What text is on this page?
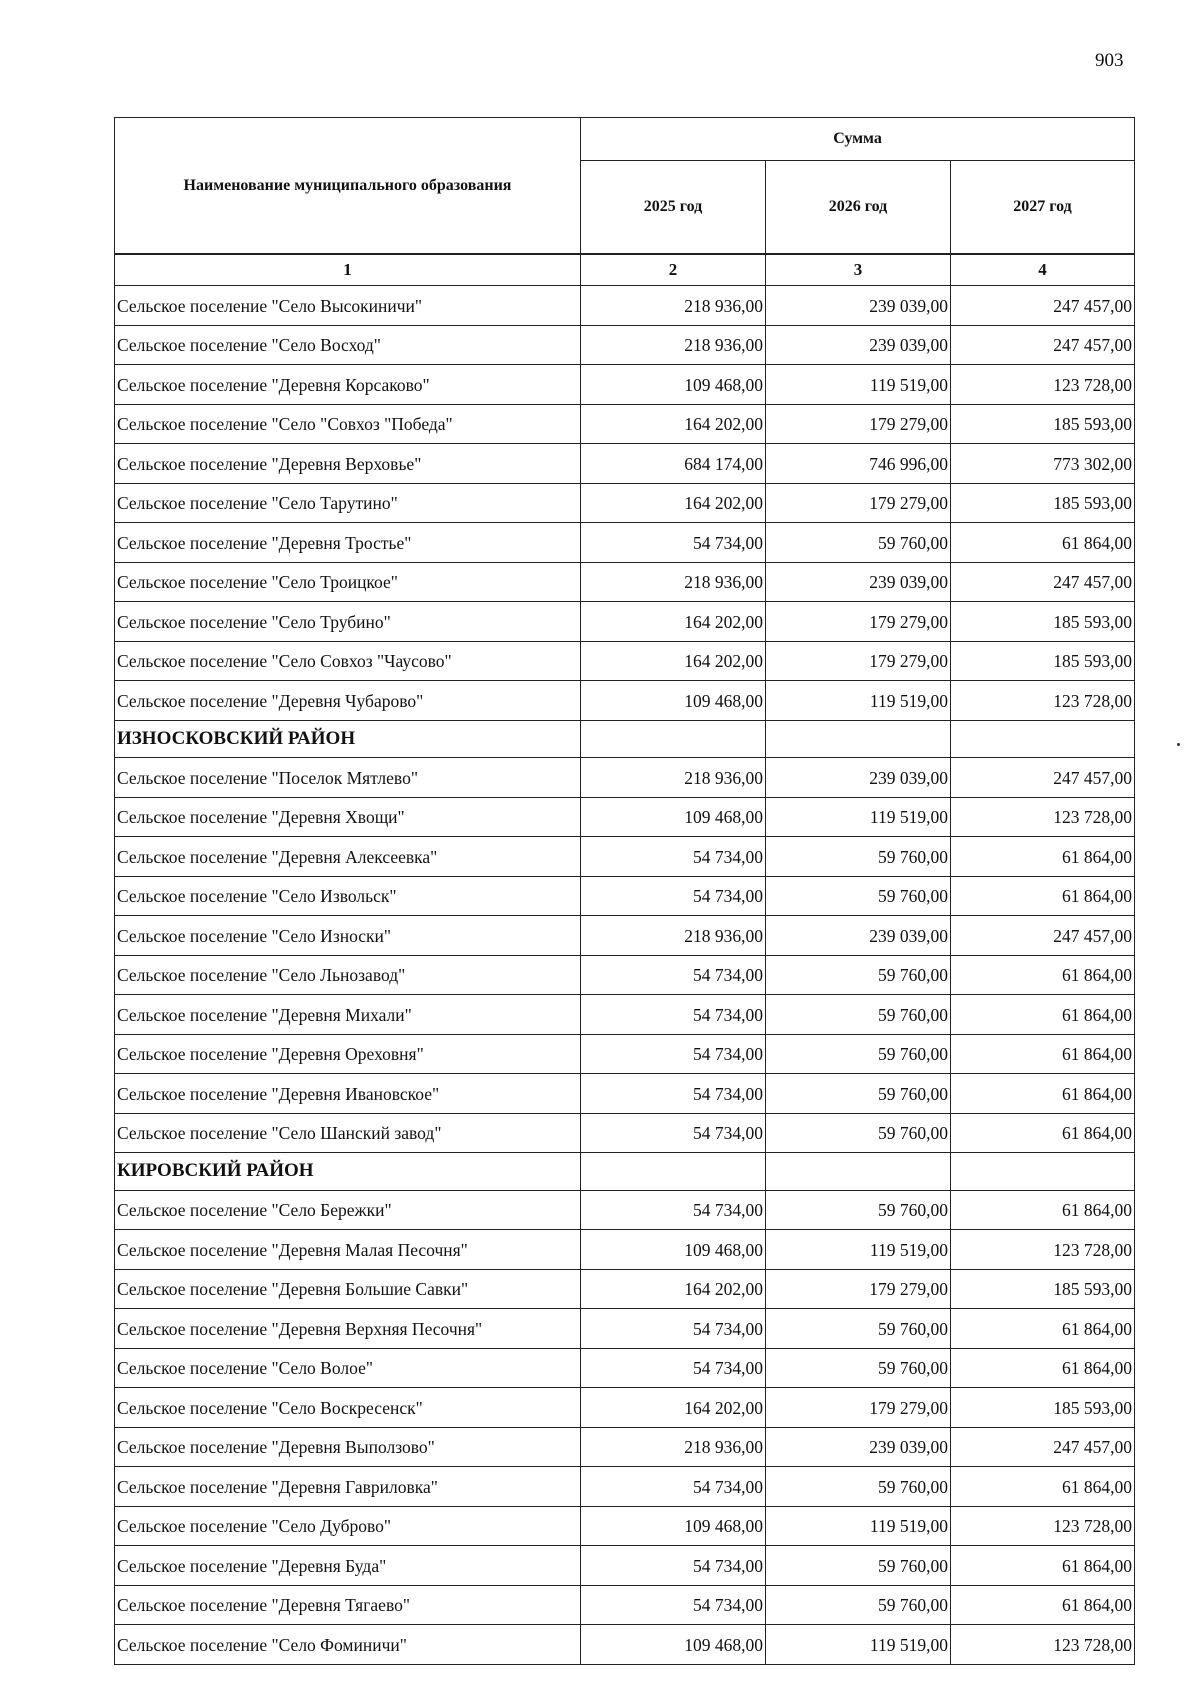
903
Наименование муниципального образования	Сумма		
	2025 год	2026 год	2027 год
1	2	3	4
Сельское поселение "Село Высокиничи"	218 936,00	239 039,00	247 457,00
Сельское поселение "Село Восход"	218 936,00	239 039,00	247 457,00
Сельское поселение "Деревня Корсаково"	109 468,00	119 519,00	123 728,00
Сельское поселение "Село "Совхоз "Победа"	164 202,00	179 279,00	185 593,00
Сельское поселение "Деревня Верховье"	684 174,00	746 996,00	773 302,00
Сельское поселение "Село Тарутино"	164 202,00	179 279,00	185 593,00
Сельское поселение "Деревня Тростье"	54 734,00	59 760,00	61 864,00
Сельское поселение "Село Троицкое"	218 936,00	239 039,00	247 457,00
Сельское поселение "Село Трубино"	164 202,00	179 279,00	185 593,00
Сельское поселение "Село Совхоз "Чаусово"	164 202,00	179 279,00	185 593,00
Сельское поселение "Деревня Чубарово"	109 468,00	119 519,00	123 728,00
ИЗНОСКОВСКИЙ РАЙОН			
Сельское поселение "Поселок Мятлево"	218 936,00	239 039,00	247 457,00
Сельское поселение "Деревня Хвощи"	109 468,00	119 519,00	123 728,00
Сельское поселение "Деревня Алексеевка"	54 734,00	59 760,00	61 864,00
Сельское поселение "Село Извольск"	54 734,00	59 760,00	61 864,00
Сельское поселение "Село Износки"	218 936,00	239 039,00	247 457,00
Сельское поселение "Село Льнозавод"	54 734,00	59 760,00	61 864,00
Сельское поселение "Деревня Михали"	54 734,00	59 760,00	61 864,00
Сельское поселение "Деревня Ореховня"	54 734,00	59 760,00	61 864,00
Сельское поселение "Деревня Ивановское"	54 734,00	59 760,00	61 864,00
Сельское поселение "Село Шанский завод"	54 734,00	59 760,00	61 864,00
КИРОВСКИЙ РАЙОН			
Сельское поселение "Село Бережки"	54 734,00	59 760,00	61 864,00
Сельское поселение "Деревня Малая Песочня"	109 468,00	119 519,00	123 728,00
Сельское поселение "Деревня Большие Савки"	164 202,00	179 279,00	185 593,00
Сельское поселение "Деревня Верхняя Песочня"	54 734,00	59 760,00	61 864,00
Сельское поселение "Село Волое"	54 734,00	59 760,00	61 864,00
Сельское поселение "Село Воскресенск"	164 202,00	179 279,00	185 593,00
Сельское поселение "Деревня Выползово"	218 936,00	239 039,00	247 457,00
Сельское поселение "Деревня Гавриловка"	54 734,00	59 760,00	61 864,00
Сельское поселение "Село Дуброво"	109 468,00	119 519,00	123 728,00
Сельское поселение "Деревня Буда"	54 734,00	59 760,00	61 864,00
Сельское поселение "Деревня Тягаево"	54 734,00	59 760,00	61 864,00
Сельское поселение "Село Фоминичи"	109 468,00	119 519,00	123 728,00
